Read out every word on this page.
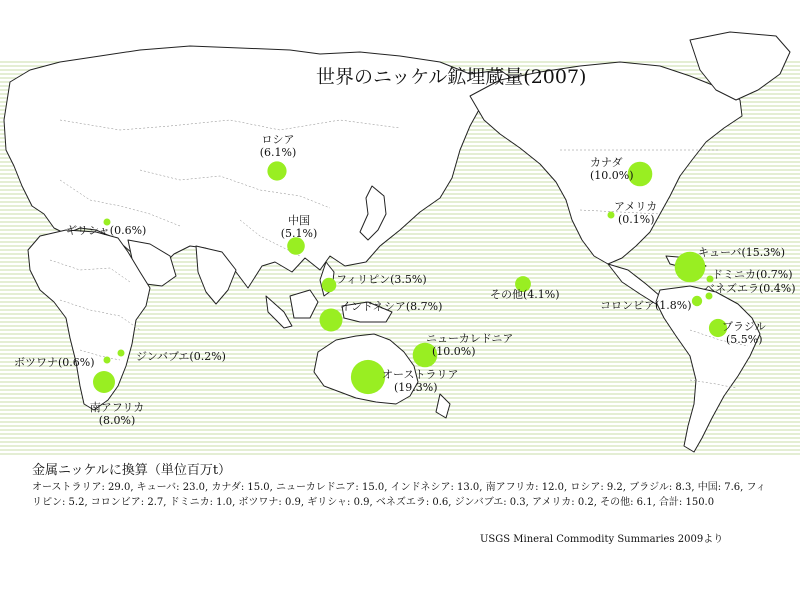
世界のニッケル鉱埋蔵量(2007)
ロシア
(6.1%)
中国
(5.1%)
ギリシャ(0.6%)
フィリピン(3.5%)
インドネシア(8.7%)
ニューカレドニア
(10.0%)
オーストラリア
(19.3%)
ジンバブエ(0.2%)
ボツワナ(0.6%)
南アフリカ
(8.0%)
カナダ
(10.0%)
アメリカ
(0.1%)
その他(4.1%)
キューバ(15.3%)
ドミニカ(0.7%)
ベネズエラ(0.4%)
コロンビア(1.8%)
ブラジル
(5.5%)
金属ニッケルに換算（単位百万t）
オーストラリア: 29.0, キューバ: 23.0, カナダ: 15.0, ニューカレドニア: 15.0, インドネシア: 13.0, 南アフリカ: 12.0, ロシア: 9.2, ブラジル: 8.3, 中国: 7.6, フィリピン: 5.2, コロンビア: 2.7, ドミニカ: 1.0, ボツワナ: 0.9, ギリシャ: 0.9, ベネズエラ: 0.6, ジンバブエ: 0.3, アメリカ: 0.2, その他: 6.1, 合計: 150.0
USGS Mineral Commodity Summaries 2009より
